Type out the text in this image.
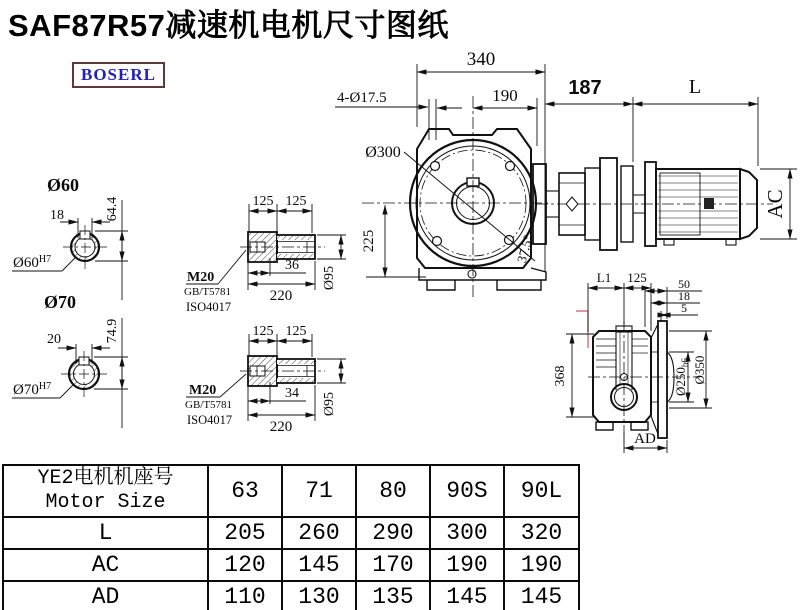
SAF87R57减速机电机尺寸图纸
BOSERL
340
190
4-Ø17.5	187	L
Ø300
225	37.5°
AC
L1 125	50
18
5
368	$Ø250_{h6}$ Ø350
AD
125 125
M20
GB/T5781
ISO4017
36
220
Ø95
125 125
M20
GB/T5781
ISO4017
34
220
Ø95
Ø60
18	64.4
$Ø60^{H7}$
Ø70
20	74.9
$Ø70^{H7}$
YE2电机机座号
Motor Size	63	71	80	90S	90L
L	205	260	290	300	320
AC	120	145	170	190	190
AD	110	130	135	145	145
